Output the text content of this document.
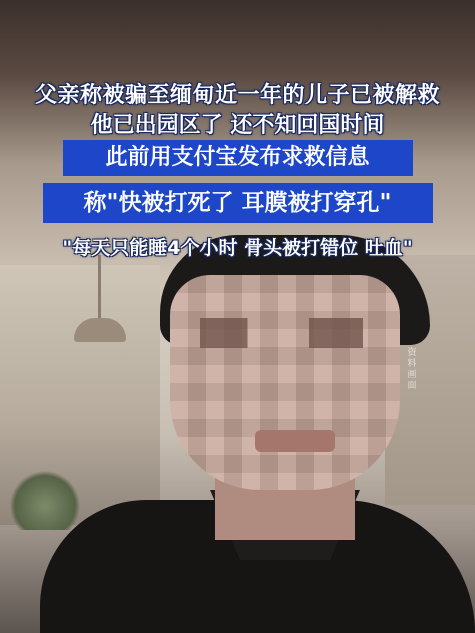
资
料
画
面
父亲称被骗至缅甸近一年的儿子已被解救
他已出园区了 还不知回国时间
此前用支付宝发布求救信息
称"快被打死了 耳膜被打穿孔"
"每天只能睡4个小时 骨头被打错位 吐血"
